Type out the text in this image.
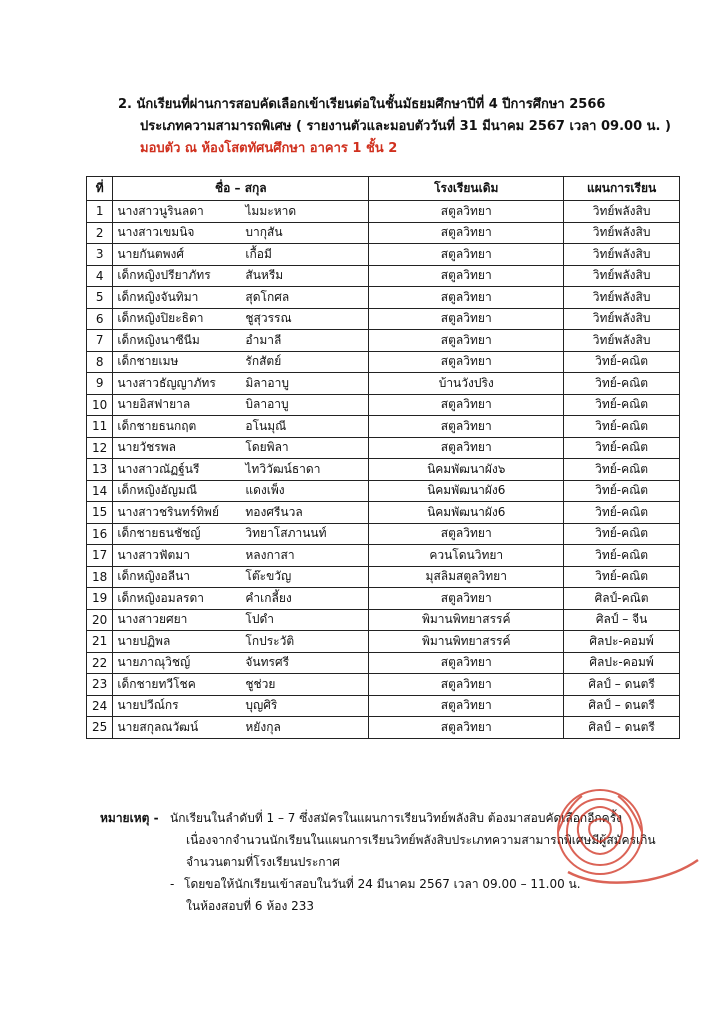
2. นักเรียนที่ผ่านการสอบคัดเลือกเข้าเรียนต่อในชั้นมัธยมศึกษาปีที่ 4 ปีการศึกษา 2566
ประเภทความสามารถพิเศษ ( รายงานตัวและมอบตัววันที่ 31 มีนาคม 2567 เวลา 09.00 น. )
มอบตัว ณ ห้องโสตทัศนศึกษา อาคาร 1 ชั้น 2
ที่	ชื่อ – สกุล	โรงเรียนเดิม	แผนการเรียน
1	นางสาวนูรินลดา ไมมะหาด	สตูลวิทยา	วิทย์พลังสิบ
2	นางสาวเขมนิจ บากุสัน	สตูลวิทยา	วิทย์พลังสิบ
3	นายกันตพงศ์ เกื้อมี	สตูลวิทยา	วิทย์พลังสิบ
4	เด็กหญิงปรียาภัทร สันหรีม	สตูลวิทยา	วิทย์พลังสิบ
5	เด็กหญิงจันทิมา สุดโกศล	สตูลวิทยา	วิทย์พลังสิบ
6	เด็กหญิงปิยะธิดา ชูสุวรรณ	สตูลวิทยา	วิทย์พลังสิบ
7	เด็กหญิงนาซีนีม อำมาลี	สตูลวิทยา	วิทย์พลังสิบ
8	เด็กชายเมษ รักสัตย์	สตูลวิทยา	วิทย์-คณิต
9	นางสาวธัญญาภัทร มิลาอาบู	บ้านวังปริง	วิทย์-คณิต
10	นายอิสฟายาล บิลาอาบู	สตูลวิทยา	วิทย์-คณิต
11	เด็กชายธนกฤต อโนมุณี	สตูลวิทยา	วิทย์-คณิต
12	นายวัชรพล โดยพิลา	สตูลวิทยา	วิทย์-คณิต
13	นางสาวณัฏฐ์นรี ไทวิวัฒน์ธาดา	นิคมพัฒนาผัง๖	วิทย์-คณิต
14	เด็กหญิงอัญมณี แดงเพ็ง	นิคมพัฒนาผัง6	วิทย์-คณิต
15	นางสาวชรินทร์ทิพย์ ทองศรีนวล	นิคมพัฒนาผัง6	วิทย์-คณิต
16	เด็กชายธนชัชญ์ วิทยาโสภานนท์	สตูลวิทยา	วิทย์-คณิต
17	นางสาวฟัตมา หลงกาสา	ควนโดนวิทยา	วิทย์-คณิต
18	เด็กหญิงอลีนา โต๊ะขวัญ	มุสลิมสตูลวิทยา	วิทย์-คณิต
19	เด็กหญิงอมลรดา คำเกลี้ยง	สตูลวิทยา	ศิลป์-คณิต
20	นางสาวยศยา โปดำ	พิมานพิทยาสรรค์	ศิลป์ – จีน
21	นายปฏิพล โกประวัติ	พิมานพิทยาสรรค์	ศิลปะ-คอมพ์
22	นายภาณุวิชญ์ จันทรศรี	สตูลวิทยา	ศิลปะ-คอมพ์
23	เด็กชายทวีโชค ชูช่วย	สตูลวิทยา	ศิลป์ – ดนตรี
24	นายปวีณ์กร บุญศิริ	สตูลวิทยา	ศิลป์ – ดนตรี
25	นายสกุลณวัฒน์ หยังกุล	สตูลวิทยา	ศิลป์ – ดนตรี
หมายเหตุ - นักเรียนในลำดับที่ 1 – 7 ซึ่งสมัครในแผนการเรียนวิทย์พลังสิบ ต้องมาสอบคัดเลือกอีกครั้ง
เนื่องจากจำนวนนักเรียนในแผนการเรียนวิทย์พลังสิบประเภทความสามารถพิเศษมีผู้สมัครเกิน
จำนวนตามที่โรงเรียนประกาศ
- โดยขอให้นักเรียนเข้าสอบในวันที่ 24 มีนาคม 2567 เวลา 09.00 – 11.00 น.
ในห้องสอบที่ 6 ห้อง 233
